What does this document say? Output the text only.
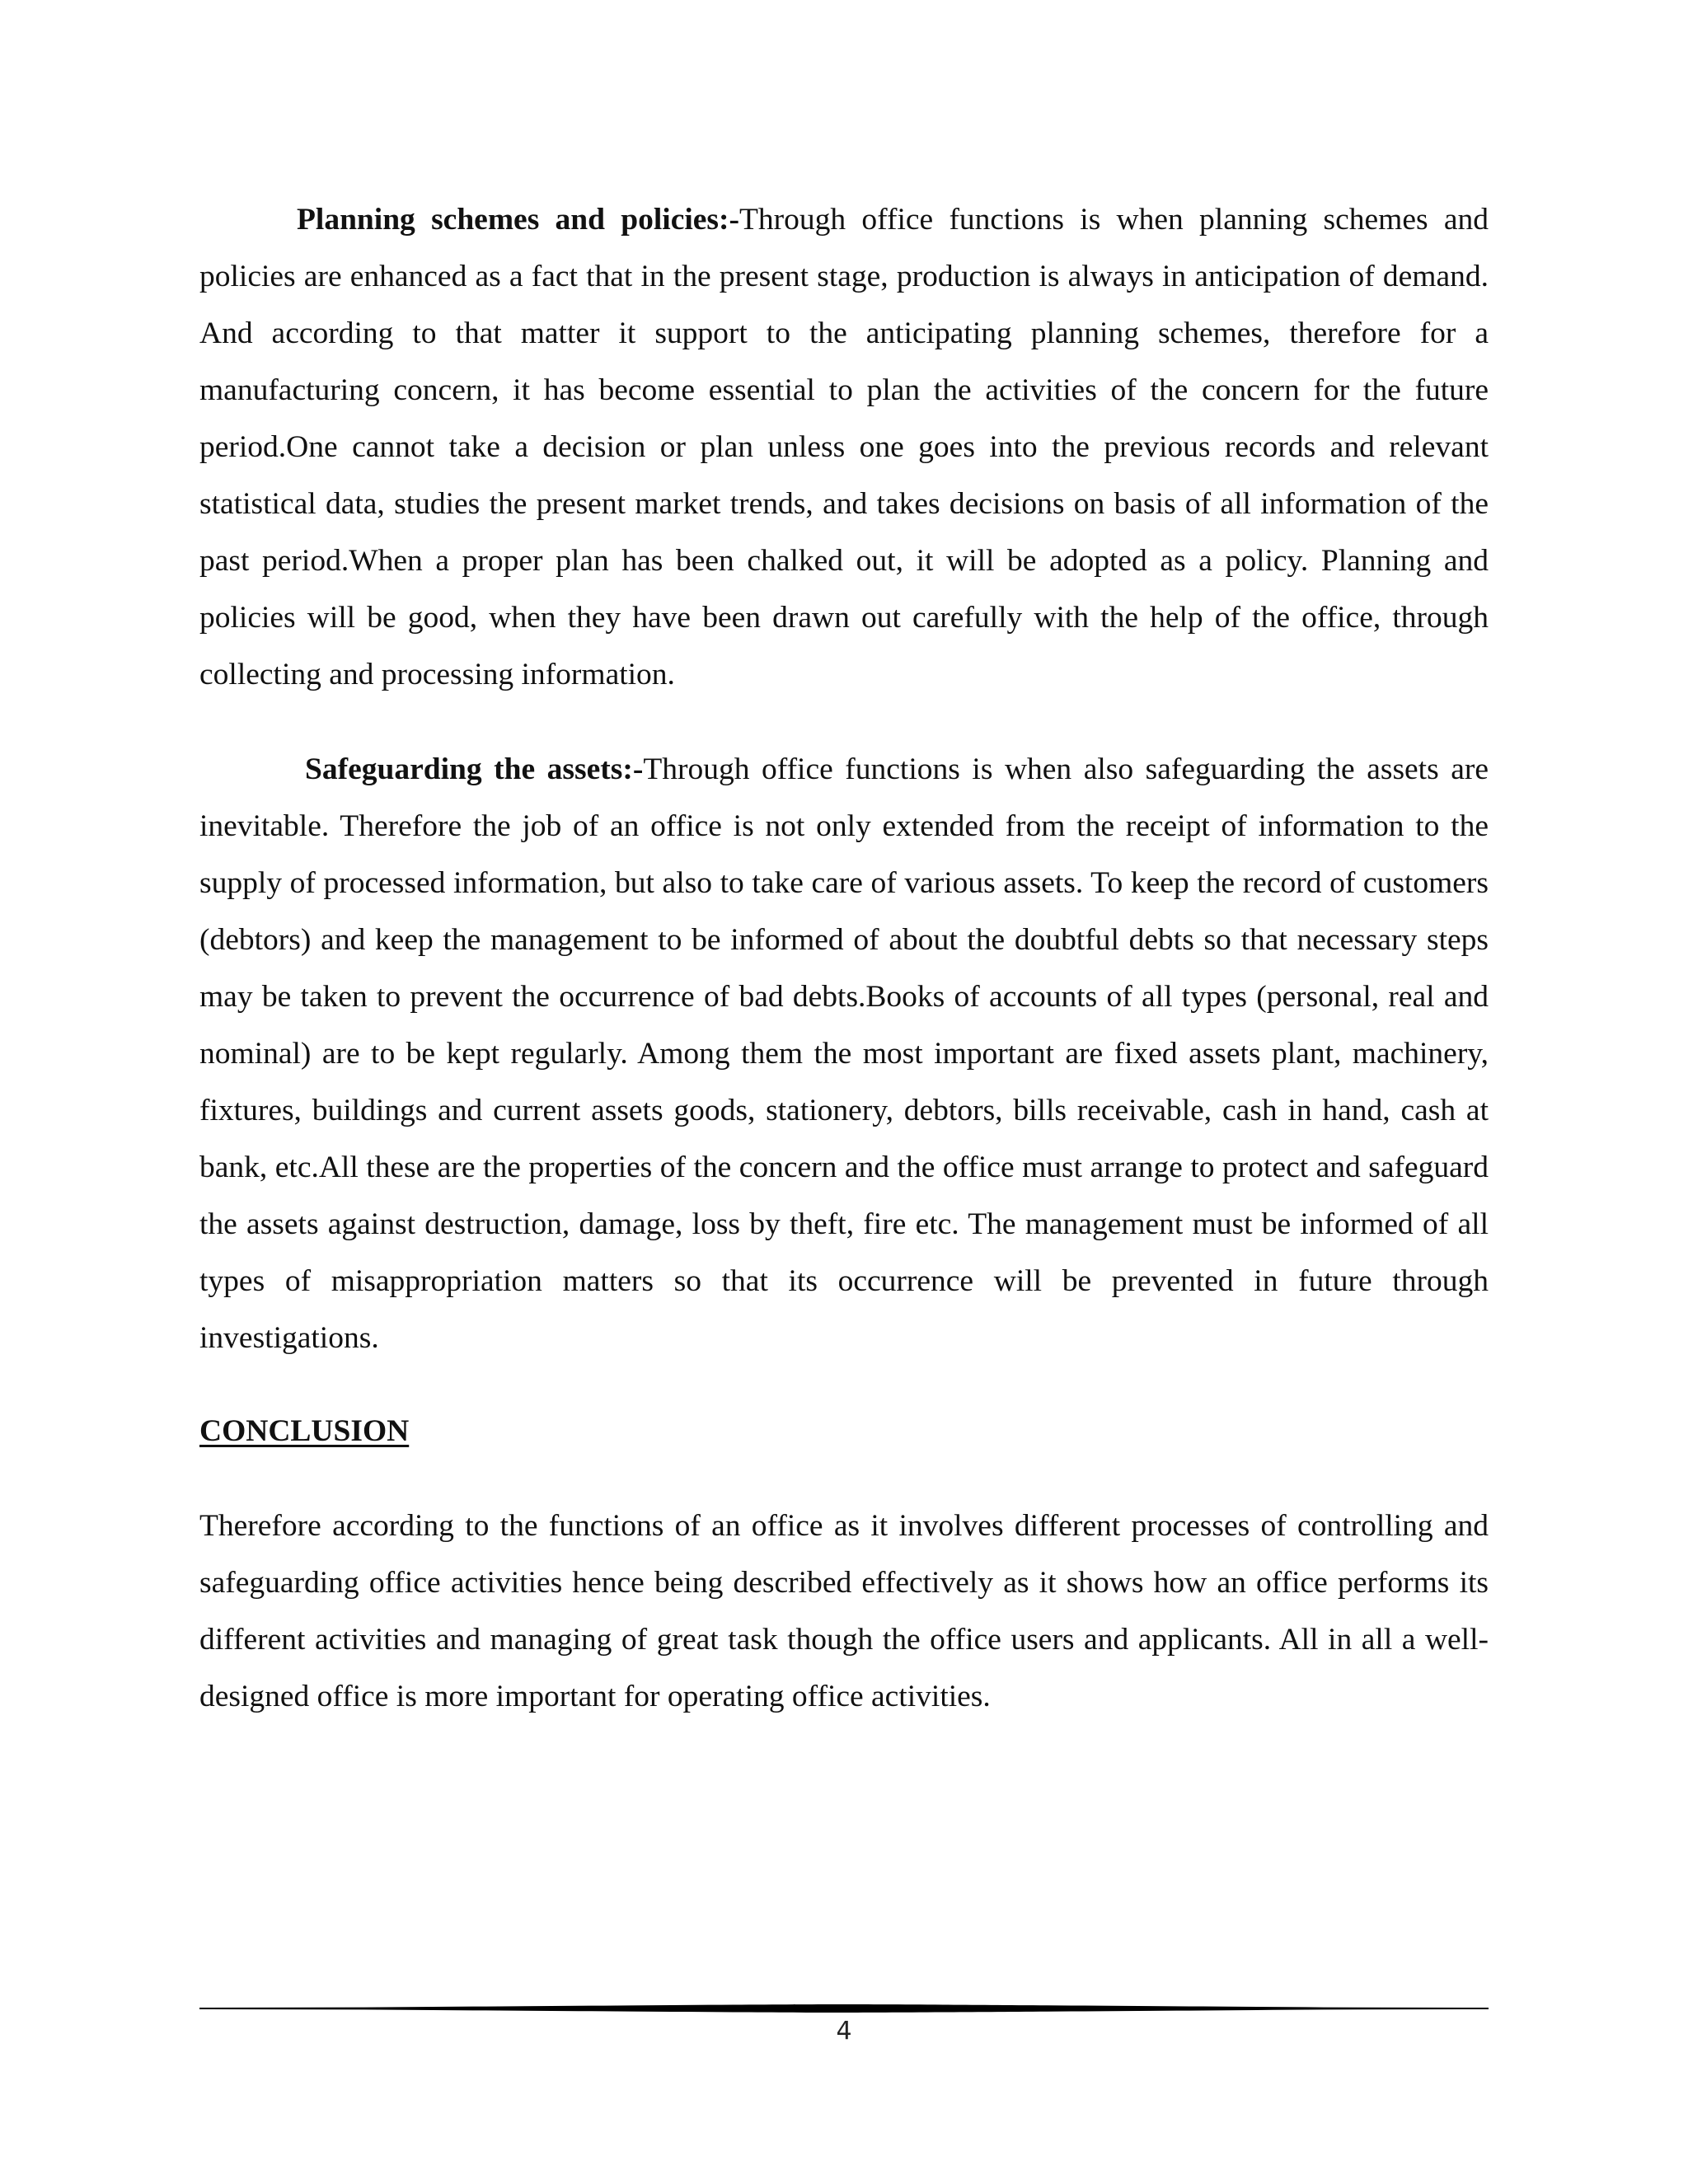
Planning schemes and policies:-Through office functions is when planning schemes and policies are enhanced as a fact that in the present stage, production is always in anticipation of demand. And according to that matter it support to the anticipating planning schemes, therefore for a manufacturing concern, it has become essential to plan the activities of the concern for the future period.One cannot take a decision or plan unless one goes into the previous records and relevant statistical data, studies the present market trends, and takes decisions on basis of all information of the past period.When a proper plan has been chalked out, it will be adopted as a policy. Planning and policies will be good, when they have been drawn out carefully with the help of the office, through collecting and processing information.

Safeguarding the assets:-Through office functions is when also safeguarding the assets are inevitable. Therefore the job of an office is not only extended from the receipt of information to the supply of processed information, but also to take care of various assets. To keep the record of customers (debtors) and keep the management to be informed of about the doubtful debts so that necessary steps may be taken to prevent the occurrence of bad debts.Books of accounts of all types (personal, real and nominal) are to be kept regularly. Among them the most important are fixed assets plant, machinery, fixtures, buildings and current assets goods, stationery, debtors, bills receivable, cash in hand, cash at bank, etc.All these are the properties of the concern and the office must arrange to protect and safeguard the assets against destruction, damage, loss by theft, fire etc. The management must be informed of all types of misappropriation matters so that its occurrence will be prevented in future through investigations.

CONCLUSION

Therefore according to the functions of an office as it involves different processes of controlling and safeguarding office activities hence being described effectively as it shows how an office performs its different activities and managing of great task though the office users and applicants. All in all a well-designed office is more important for operating office activities.

4
